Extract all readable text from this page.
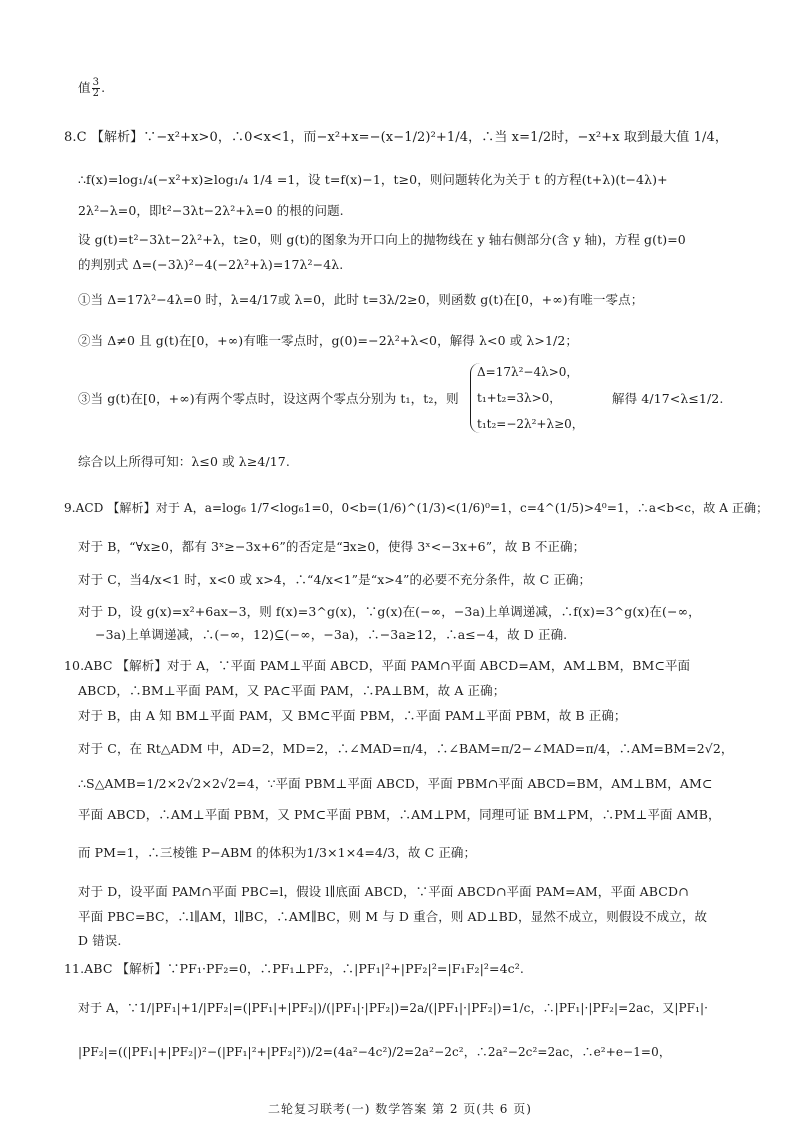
值 $\frac{3}{2}$ .
8.C 【解析】∵−x²+x>0，∴0<x<1，而−x²+x=−(x−1/2)²+1/4，∴当 x=1/2时，−x²+x 取到最大值 1/4，
∴f(x)=log₁/₄(−x²+x)≥log₁/₄ 1/4 =1，设 t=f(x)−1，t≥0，则问题转化为关于 t 的方程(t+λ)(t−4λ)+
2λ²−λ=0，即t²−3λt−2λ²+λ=0 的根的问题.
设 g(t)=t²−3λt−2λ²+λ，t≥0，则 g(t)的图象为开口向上的抛物线在 y 轴右侧部分(含 y 轴)，方程 g(t)=0
的判别式 Δ=(−3λ)²−4(−2λ²+λ)=17λ²−4λ.
①当 Δ=17λ²−4λ=0 时，λ=4/17或 λ=0，此时 t=3λ/2≥0，则函数 g(t)在[0，+∞)有唯一零点；
②当 Δ≠0 且 g(t)在[0，+∞)有唯一零点时，g(0)=−2λ²+λ<0，解得 λ<0 或 λ>1/2；
③当 g(t)在[0，+∞)有两个零点时，设这两个零点分别为 t₁，t₂，则
Δ=17λ²−4λ>0，
t₁+t₂=3λ>0，
t₁t₂=−2λ²+λ≥0，
解得 4/17<λ≤1/2.
综合以上所得可知：λ≤0 或 λ≥4/17.
9.ACD 【解析】对于 A，a=log₆ 1/7<log₆1=0，0<b=(1/6)^(1/3)<(1/6)⁰=1，c=4^(1/5)>4⁰=1，∴a<b<c，故 A 正确；
对于 B，“∀x≥0，都有 3ˣ≥−3x+6”的否定是“∃x≥0，使得 3ˣ<−3x+6”，故 B 不正确；
对于 C，当4/x<1 时，x<0 或 x>4，∴“4/x<1”是“x>4”的必要不充分条件，故 C 正确；
对于 D，设 g(x)=x²+6ax−3，则 f(x)=3^g(x)，∵g(x)在(−∞，−3a)上单调递减，∴f(x)=3^g(x)在(−∞，
−3a)上单调递减，∴(−∞，12)⊆(−∞，−3a)，∴−3a≥12，∴a≤−4，故 D 正确.
10.ABC 【解析】对于 A，∵平面 PAM⊥平面 ABCD，平面 PAM∩平面 ABCD=AM，AM⊥BM，BM⊂平面
ABCD，∴BM⊥平面 PAM，又 PA⊂平面 PAM，∴PA⊥BM，故 A 正确；
对于 B，由 A 知 BM⊥平面 PAM，又 BM⊂平面 PBM，∴平面 PAM⊥平面 PBM，故 B 正确；
对于 C，在 Rt△ADM 中，AD=2，MD=2，∴∠MAD=π/4，∴∠BAM=π/2−∠MAD=π/4，∴AM=BM=2√2，
∴S△AMB=1/2×2√2×2√2=4，∵平面 PBM⊥平面 ABCD，平面 PBM∩平面 ABCD=BM，AM⊥BM，AM⊂
平面 ABCD，∴AM⊥平面 PBM，又 PM⊂平面 PBM，∴AM⊥PM，同理可证 BM⊥PM，∴PM⊥平面 AMB，
而 PM=1，∴三棱锥 P−ABM 的体积为1/3×1×4=4/3，故 C 正确；
对于 D，设平面 PAM∩平面 PBC=l，假设 l∥底面 ABCD，∵平面 ABCD∩平面 PAM=AM，平面 ABCD∩
平面 PBC=BC，∴l∥AM，l∥BC，∴AM∥BC，则 M 与 D 重合，则 AD⊥BD，显然不成立，则假设不成立，故
D 错误.
11.ABC 【解析】∵PF₁·PF₂=0，∴PF₁⊥PF₂，∴|PF₁|²+|PF₂|²=|F₁F₂|²=4c².
对于 A，∵1/|PF₁|+1/|PF₂|=(|PF₁|+|PF₂|)/(|PF₁|·|PF₂|)=2a/(|PF₁|·|PF₂|)=1/c，∴|PF₁|·|PF₂|=2ac，又|PF₁|·
|PF₂|=((|PF₁|+|PF₂|)²−(|PF₁|²+|PF₂|²))/2=(4a²−4c²)/2=2a²−2c²，∴2a²−2c²=2ac，∴e²+e−1=0，
二轮复习联考(一) 数学答案 第 2 页(共 6 页)
